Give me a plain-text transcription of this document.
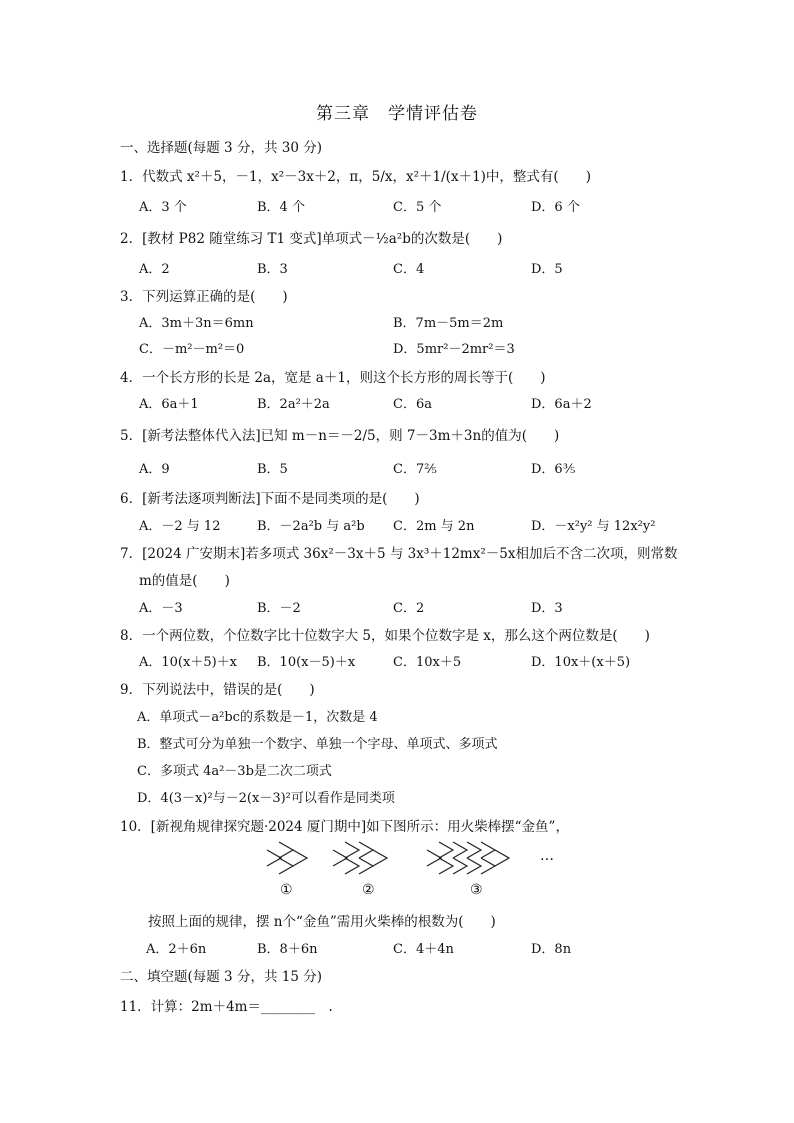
第三章　学情评估卷
一、选择题(每题 3 分，共 30 分)
1．代数式 x²＋5，－1，x²－3x＋2，π，5/x，x²＋1/(x＋1)中，整式有(　　)
A．3 个	B．4 个	C．5 个	D．6 个
2．[教材 P82 随堂练习 T1 变式]单项式－½a²b的次数是(　　)
A．2	B．3	C．4	D．5
3．下列运算正确的是(　　)
A．3m＋3n＝6mn	B．7m－5m＝2m
C．－m²－m²＝0	D．5mr²－2mr²＝3
4．一个长方形的长是 2a，宽是 a＋1，则这个长方形的周长等于(　　)
A．6a＋1	B．2a²＋2a	C．6a	D．6a＋2
5．[新考法整体代入法]已知 m－n＝－2/5，则 7－3m＋3n的值为(　　)
A．9	B．5	C．7⅖	D．6⅗
6．[新考法逐项判断法]下面不是同类项的是(　　)
A．－2 与 12	B．－2a²b 与 a²b C．2m 与 2n	D．－x²y² 与 12x²y²
7．[2024 广安期末]若多项式 36x²－3x＋5 与 3x³＋12mx²－5x相加后不含二次项，则常数
m的值是(　　)
A．－3	B．－2	C．2	D．3
8．一个两位数，个位数字比十位数字大 5，如果个位数字是 x，那么这个两位数是(　　)
A．10(x＋5)＋x B．10(x－5)＋x	C．10x＋5	D．10x＋(x＋5)
9．下列说法中，错误的是(　　)
A．单项式－a²bc的系数是－1，次数是 4
B．整式可分为单独一个数字、单独一个字母、单项式、多项式
C．多项式 4a²－3b是二次二项式
D．4(3－x)²与－2(x－3)²可以看作是同类项
10．[新视角规律探究题·2024 厦门期中]如下图所示：用火柴棒摆“金鱼”，
…
①	②	③
按照上面的规律，摆 n个“金鱼”需用火柴棒的根数为(　　)
A．2＋6n	B．8＋6n	C．4＋4n	D．8n
二、填空题(每题 3 分，共 15 分)
11．计算：2m＋4m＝________　.
